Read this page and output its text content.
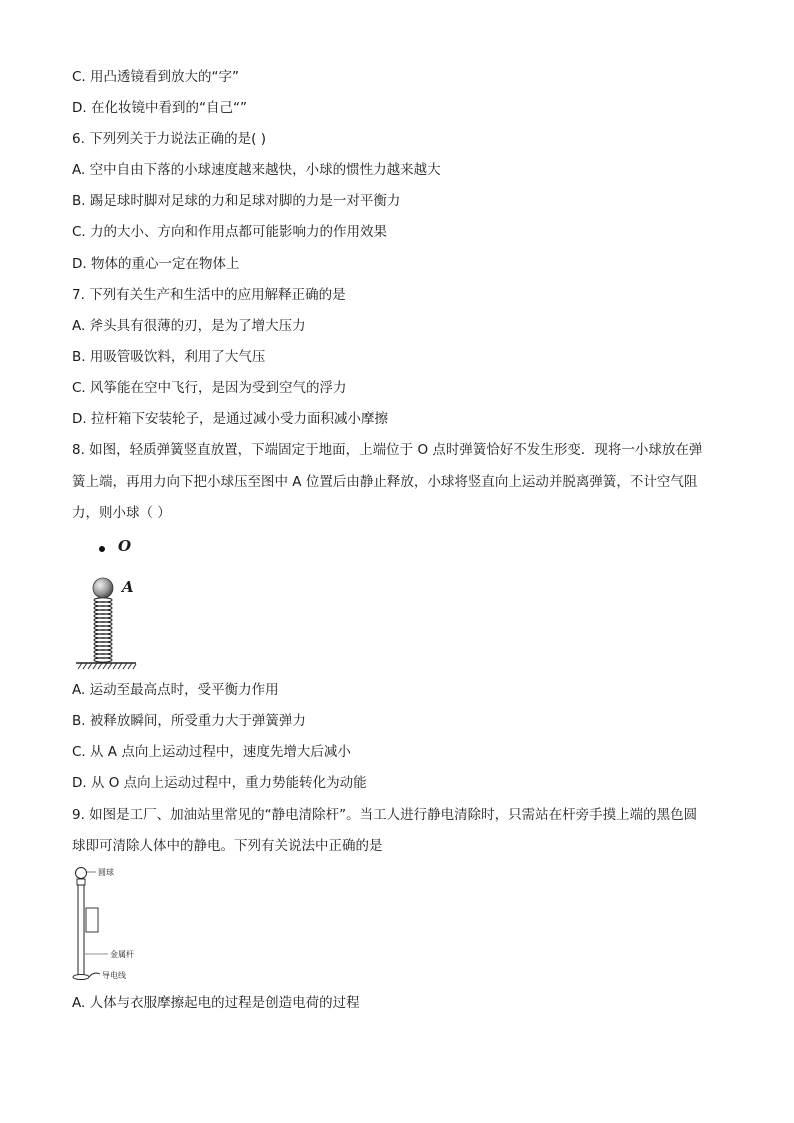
C. 用凸透镜看到放大的“字”
D. 在化妆镜中看到的“自己“”
6. 下列列关于力说法正确的是( )
A. 空中自由下落的小球速度越来越快，小球的惯性力越来越大
B. 踢足球时脚对足球的力和足球对脚的力是一对平衡力
C. 力的大小、方向和作用点都可能影响力的作用效果
D. 物体的重心一定在物体上
7. 下列有关生产和生活中的应用解释正确的是
A. 斧头具有很薄的刃，是为了增大压力
B. 用吸管吸饮料，利用了大气压
C. 风筝能在空中飞行，是因为受到空气的浮力
D. 拉杆箱下安装轮子，是通过减小受力面积减小摩擦
8. 如图，轻质弹簧竖直放置，下端固定于地面，上端位于 O 点时弹簧恰好不发生形变．现将一小球放在弹
簧上端，再用力向下把小球压至图中 A 位置后由静止释放，小球将竖直向上运动并脱离弹簧，不计空气阻
力，则小球（ ）
O
A
A. 运动至最高点时，受平衡力作用
B. 被释放瞬间，所受重力大于弹簧弹力
C. 从 A 点向上运动过程中，速度先增大后减小
D. 从 O 点向上运动过程中，重力势能转化为动能
9. 如图是工厂、加油站里常见的“静电清除杆”。当工人进行静电清除时，只需站在杆旁手摸上端的黑色圆
球即可清除人体中的静电。下列有关说法中正确的是
圆球
金属杆
导电线
A. 人体与衣服摩擦起电的过程是创造电荷的过程
